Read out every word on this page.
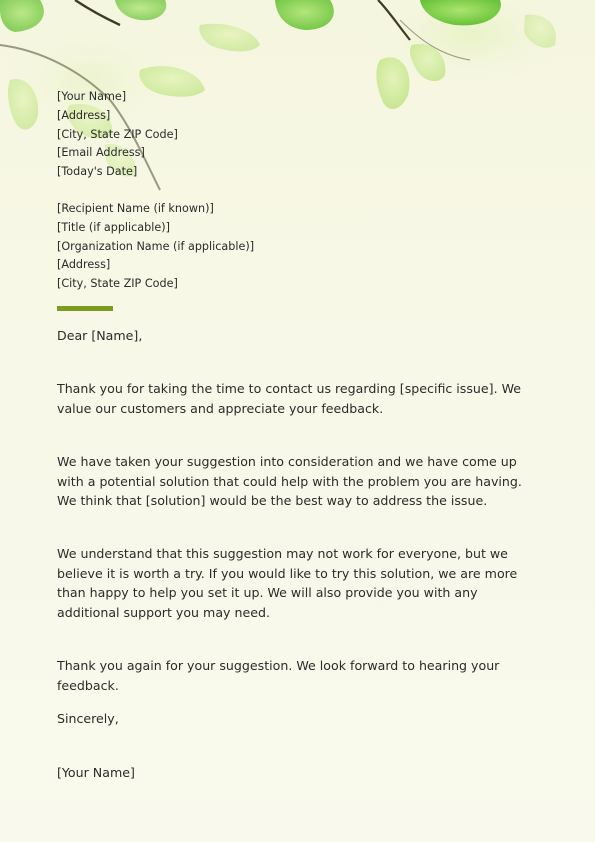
[Your Name]
[Address]
[City, State ZIP Code]
[Email Address]
[Today's Date]
[Recipient Name (if known)]
[Title (if applicable)]
[Organization Name (if applicable)]
[Address]
[City, State ZIP Code]
Dear [Name],
Thank you for taking the time to contact us regarding [specific issue]. We value our customers and appreciate your feedback.
We have taken your suggestion into consideration and we have come up with a potential solution that could help with the problem you are having. We think that [solution] would be the best way to address the issue.
We understand that this suggestion may not work for everyone, but we believe it is worth a try. If you would like to try this solution, we are more than happy to help you set it up. We will also provide you with any additional support you may need.
Thank you again for your suggestion. We look forward to hearing your feedback.
Sincerely,
[Your Name]
